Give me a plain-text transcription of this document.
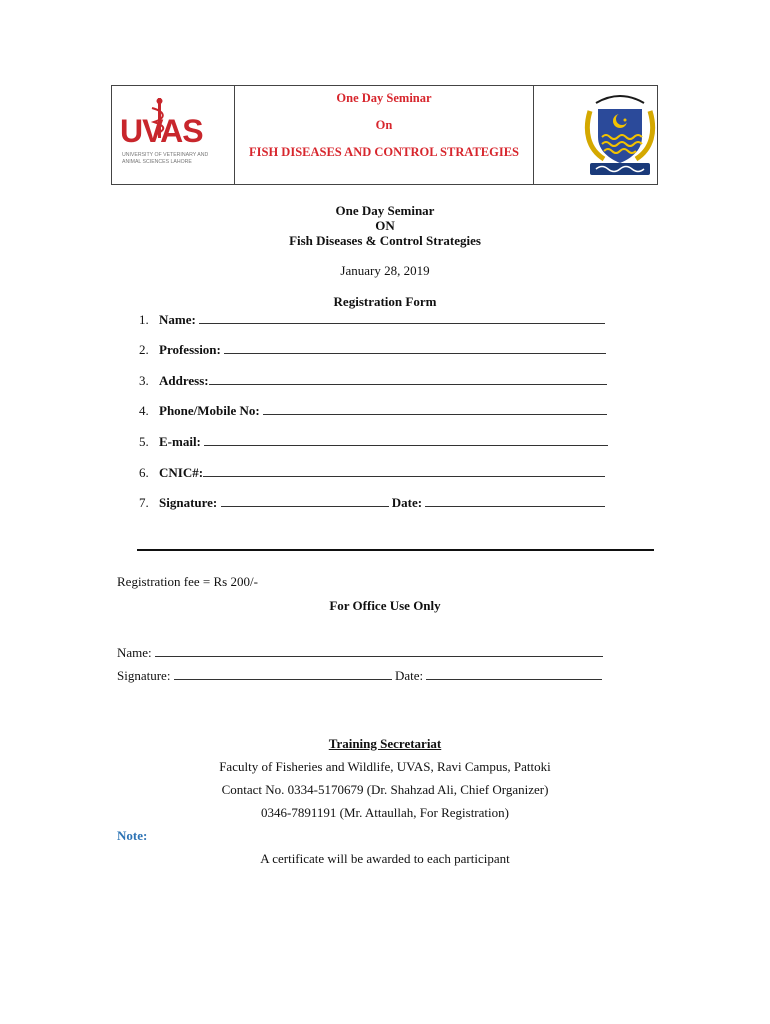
UVAS
UNIVERSITY OF VETERINARY AND
ANIMAL SCIENCES LAHORE
One Day Seminar
On
FISH DISEASES AND CONTROL STRATEGIES
One Day Seminar
ON
Fish Diseases & Control Strategies
January 28, 2019
Registration Form
1. Name:
2. Profession:
3. Address:
4. Phone/Mobile No:
5. E-mail:
6. CNIC#:
7. Signature:	Date:
Registration fee = Rs 200/-
For Office Use Only
Name:
Signature:	Date:
Training Secretariat
Faculty of Fisheries and Wildlife, UVAS, Ravi Campus, Pattoki
Contact No. 0334-5170679 (Dr. Shahzad Ali, Chief Organizer)
0346-7891191 (Mr. Attaullah, For Registration)
Note:
A certificate will be awarded to each participant
